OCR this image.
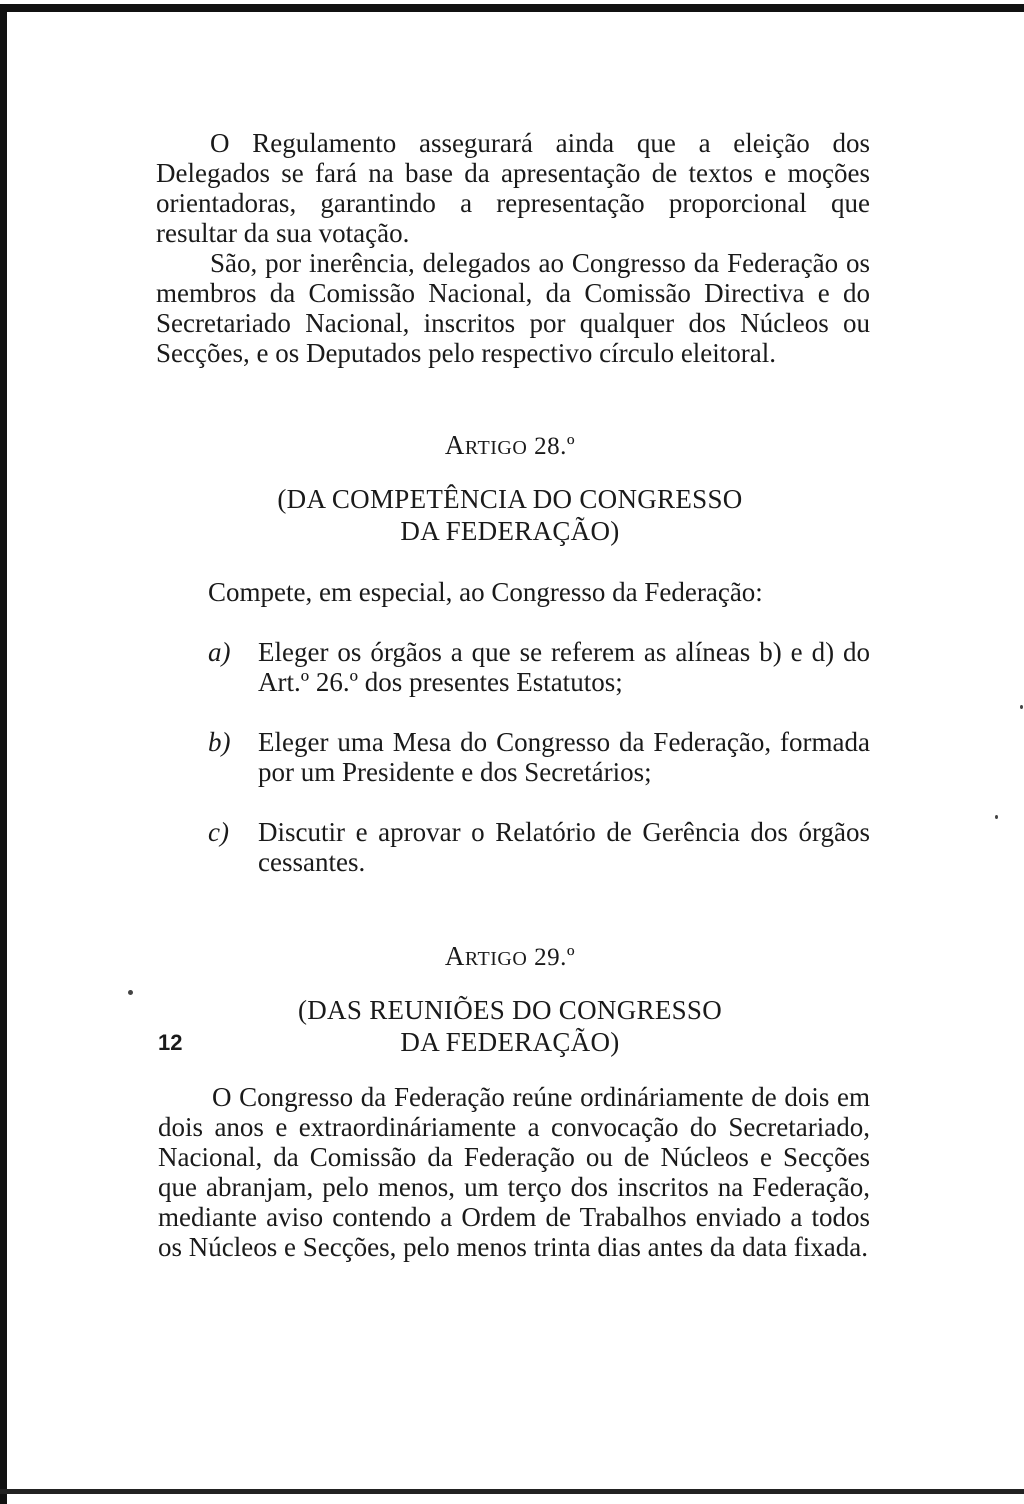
O Regulamento assegurará ainda que a eleição dos Delegados se fará na base da apresentação de textos e moções orientadoras, garantindo a representação proporcional que resultar da sua votação.

São, por inerência, delegados ao Congresso da Federação os membros da Comissão Nacional, da Comissão Directiva e do Secretariado Nacional, inscritos por qualquer dos Núcleos ou Secções, e os Deputados pelo respectivo círculo eleitoral.

ARTIGO 28.º
(DA COMPETÊNCIA DO CONGRESSO
DA FEDERAÇÃO)
Compete, em especial, ao Congresso da Federação:
a)	Eleger os órgãos a que se referem as alíneas b) e d) do Art.º 26.º dos presentes Estatutos;
b)	Eleger uma Mesa do Congresso da Federação, formada por um Presidente e dos Secretários;
c)	Discutir e aprovar o Relatório de Gerência dos órgãos cessantes.
ARTIGO 29.º
(DAS REUNIÕES DO CONGRESSO
DA FEDERAÇÃO)

O Congresso da Federação reúne ordináriamente de dois em dois anos e extraordináriamente a convocação do Secretariado, Nacional, da Comissão da Federação ou de Núcleos e Secções que abranjam, pelo menos, um terço dos inscritos na Federação, mediante aviso contendo a Ordem de Trabalhos enviado a todos os Núcleos e Secções, pelo menos trinta dias antes da data fixada.

12
